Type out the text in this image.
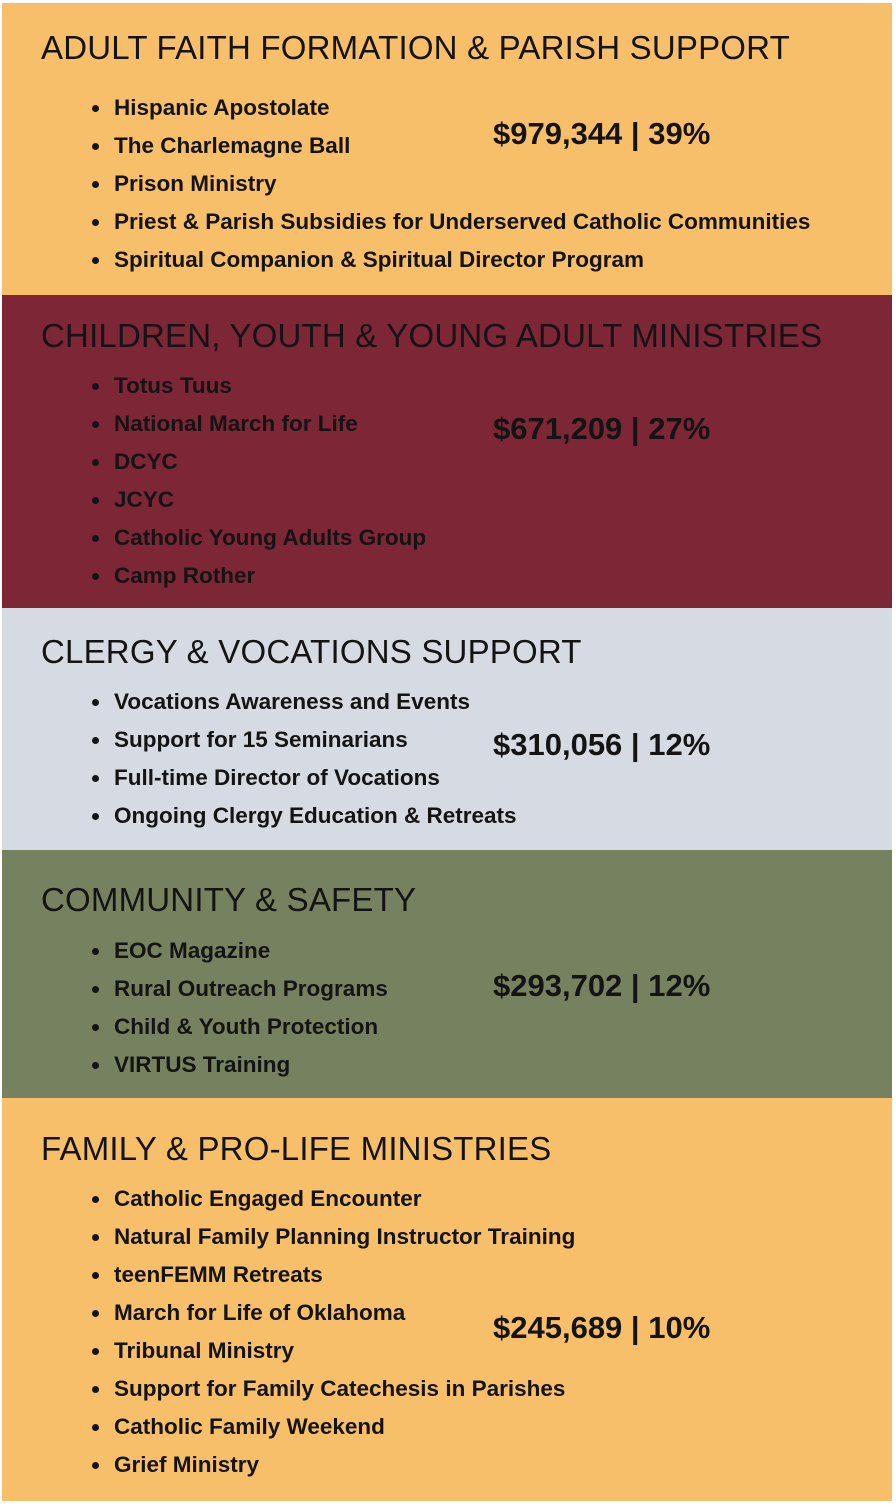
ADULT FAITH FORMATION & PARISH SUPPORT
$979,344 | 39%
Hispanic Apostolate
The Charlemagne Ball
Prison Ministry
Priest & Parish Subsidies for Underserved Catholic Communities
Spiritual Companion & Spiritual Director Program
CHILDREN, YOUTH & YOUNG ADULT MINISTRIES
$671,209 | 27%
Totus Tuus
National March for Life
DCYC
JCYC
Catholic Young Adults Group
Camp Rother
CLERGY & VOCATIONS SUPPORT
$310,056 | 12%
Vocations Awareness and Events
Support for 15 Seminarians
Full-time Director of Vocations
Ongoing Clergy Education & Retreats
COMMUNITY & SAFETY
$293,702 | 12%
EOC Magazine
Rural Outreach Programs
Child & Youth Protection
VIRTUS Training
FAMILY & PRO-LIFE MINISTRIES
$245,689 | 10%
Catholic Engaged Encounter
Natural Family Planning Instructor Training
teenFEMM Retreats
March for Life of Oklahoma
Tribunal Ministry
Support for Family Catechesis in Parishes
Catholic Family Weekend
Grief Ministry
